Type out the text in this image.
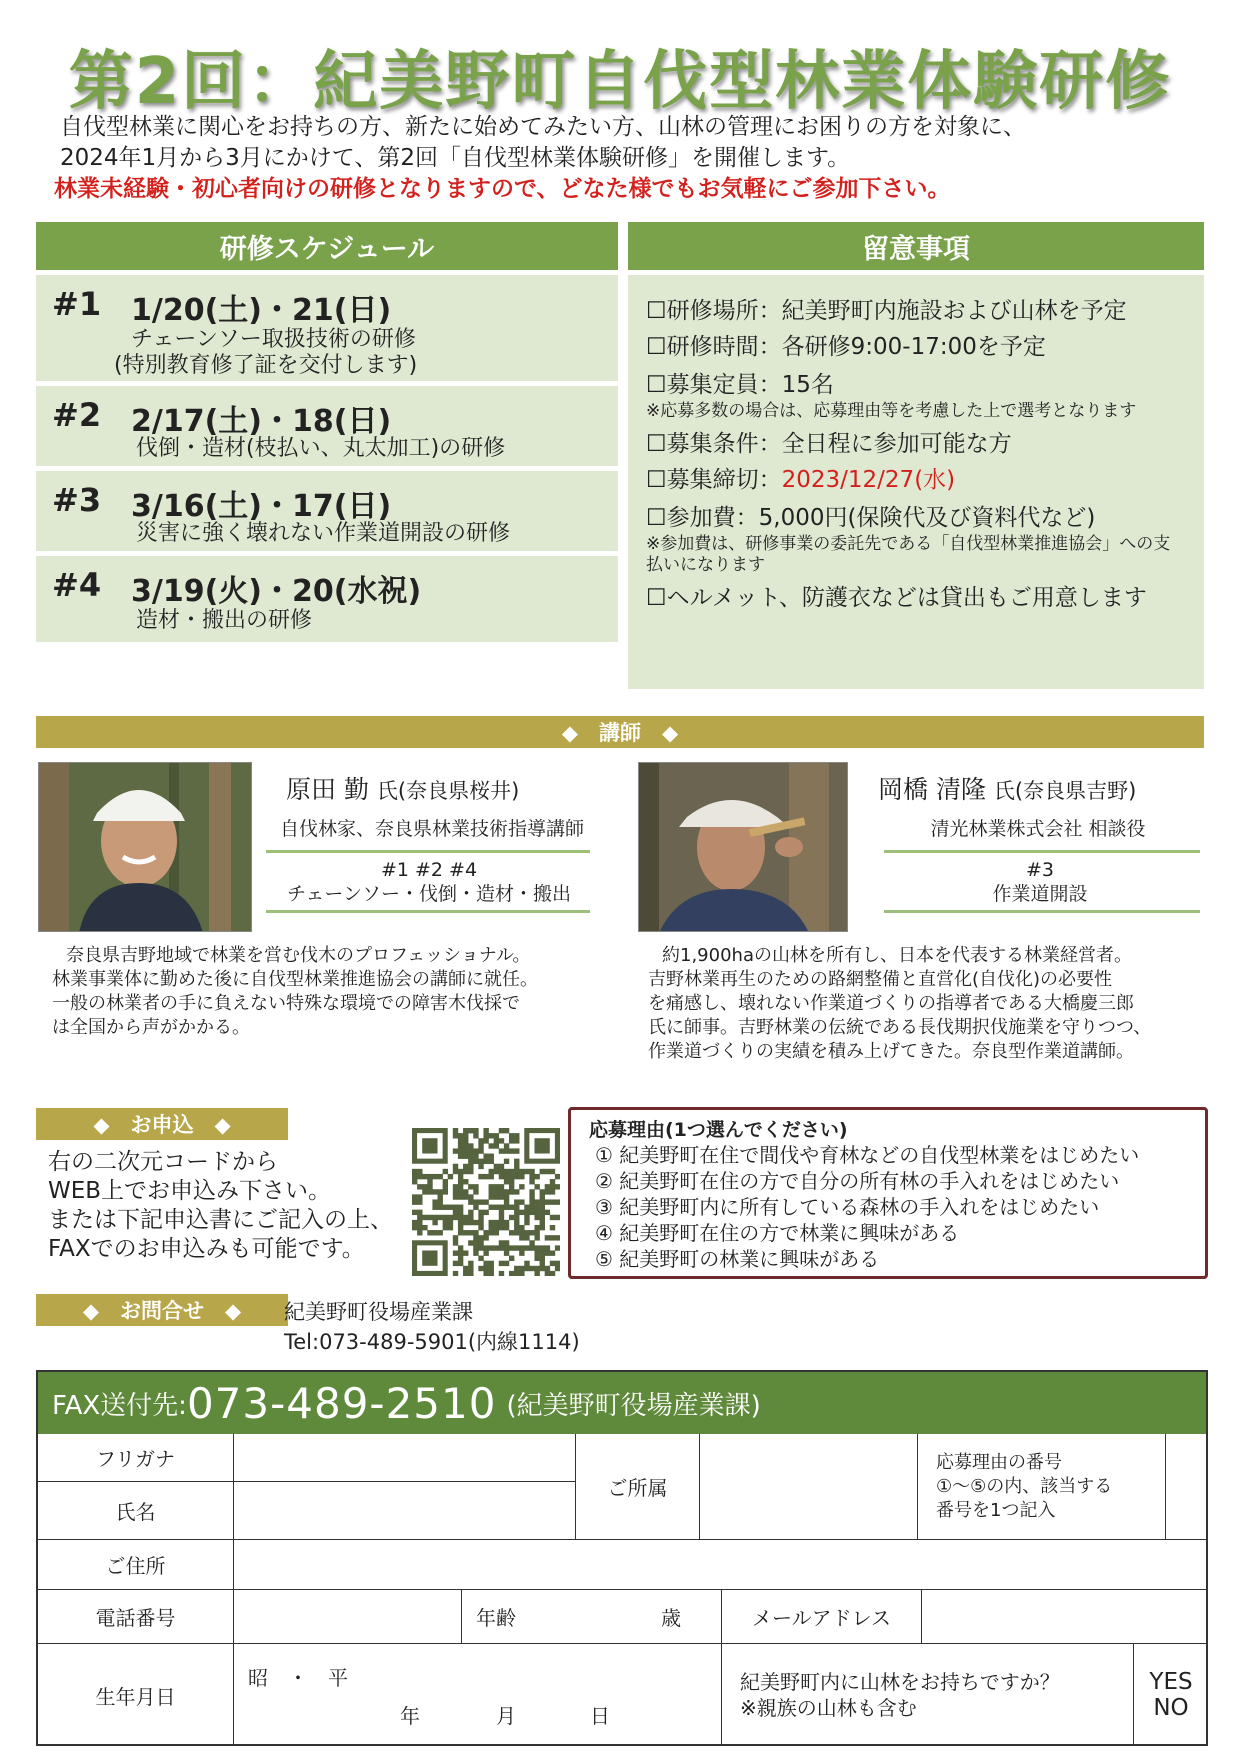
第2回：紀美野町自伐型林業体験研修
自伐型林業に関心をお持ちの方、新たに始めてみたい方、山林の管理にお困りの方を対象に、
2024年1月から3月にかけて、第2回「自伐型林業体験研修」を開催します。
林業未経験・初心者向けの研修となりますので、どなた様でもお気軽にご参加下さい。
研修スケジュール
#1 1/20(土)・21(日)
チェーンソー取扱技術の研修
(特別教育修了証を交付します)
#2 2/17(土)・18(日)
伐倒・造材(枝払い、丸太加工)の研修
#3 3/16(土)・17(日)
災害に強く壊れない作業道開設の研修
#4 3/19(火)・20(水祝)
造材・搬出の研修
留意事項
☐研修場所：紀美野町内施設および山林を予定
☐研修時間：各研修9:00-17:00を予定
☐募集定員：15名
※応募多数の場合は、応募理由等を考慮した上で選考となります
☐募集条件：全日程に参加可能な方
☐募集締切：2023/12/27(水)
☐参加費：5,000円(保険代及び資料代など)
※参加費は、研修事業の委託先である「自伐型林業推進協会」への支払いになります
☐ヘルメット、防護衣などは貸出もご用意します
◆　講師　◆
原田 勤 氏(奈良県桜井)
自伐林家、奈良県林業技術指導講師
#1 #2 #4
チェーンソー・伐倒・造材・搬出
奈良県吉野地域で林業を営む伐木のプロフェッショナル。
林業事業体に勤めた後に自伐型林業推進協会の講師に就任。
一般の林業者の手に負えない特殊な環境での障害木伐採で
は全国から声がかかる。
岡橋 清隆 氏(奈良県吉野)
清光林業株式会社 相談役
#3
作業道開設
約1,900haの山林を所有し、日本を代表する林業経営者。
吉野林業再生のための路網整備と直営化(自伐化)の必要性
を痛感し、壊れない作業道づくりの指導者である大橋慶三郎
氏に師事。吉野林業の伝統である長伐期択伐施業を守りつつ、
作業道づくりの実績を積み上げてきた。奈良型作業道講師。
◆　お申込　◆
右の二次元コードから
WEB上でお申込み下さい。
または下記申込書にご記入の上、
FAXでのお申込みも可能です。
応募理由(1つ選んでください)
① 紀美野町在住で間伐や育林などの自伐型林業をはじめたい
② 紀美野町在住の方で自分の所有林の手入れをはじめたい
③ 紀美野町内に所有している森林の手入れをはじめたい
④ 紀美野町在住の方で林業に興味がある
⑤ 紀美野町の林業に興味がある
◆　お問合せ　◆	紀美野町役場産業課
Tel:073-489-5901(内線1114)
FAX送付先: 073-489-2510 (紀美野町役場産業課)
フリガナ
氏名
ご所属
応募理由の番号
①～⑤の内、該当する
番号を1つ記入
ご住所
電話番号	年齢	歳	メールアドレス
生年月日
昭　・　平
年	月	日
紀美野町内に山林をお持ちですか？
※親族の山林も含む
YES
NO
